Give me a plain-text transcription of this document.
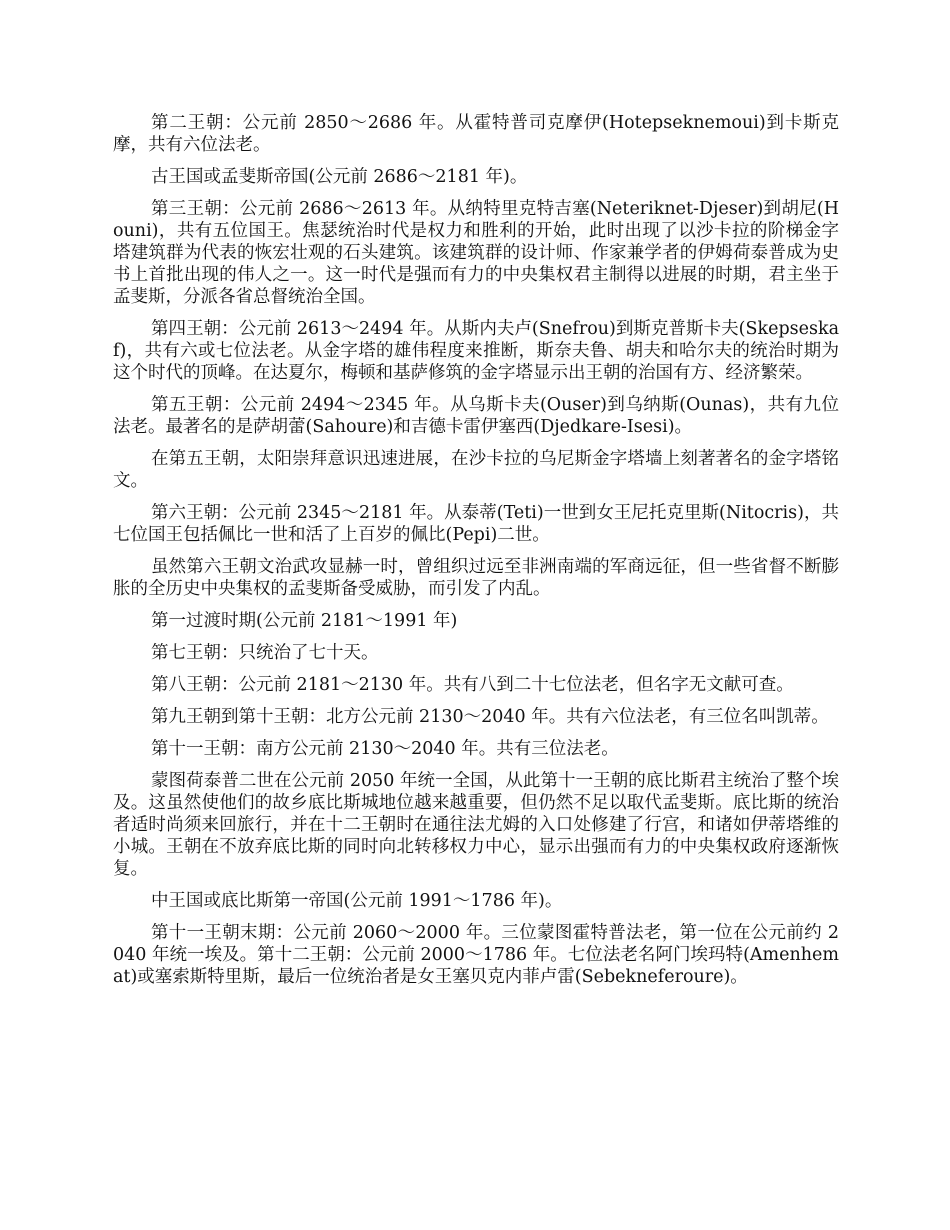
第二王朝：公元前 2850～2686 年。从霍特普司克摩伊(Hotepseknemoui)到卡斯克摩，共有六位法老。

古王国或孟斐斯帝国(公元前 2686～2181 年)。

第三王朝：公元前 2686～2613 年。从纳特里克特吉塞(Neteriknet-Djeser)到胡尼(Houni)，共有五位国王。焦瑟统治时代是权力和胜利的开始，此时出现了以沙卡拉的阶梯金字塔建筑群为代表的恢宏壮观的石头建筑。该建筑群的设计师、作家兼学者的伊姆荷泰普成为史书上首批出现的伟人之一。这一时代是强而有力的中央集权君主制得以进展的时期，君主坐于孟斐斯，分派各省总督统治全国。

第四王朝：公元前 2613～2494 年。从斯内夫卢(Snefrou)到斯克普斯卡夫(Skepseskaf)，共有六或七位法老。从金字塔的雄伟程度来推断，斯奈夫鲁、胡夫和哈尔夫的统治时期为这个时代的顶峰。在达夏尔，梅顿和基萨修筑的金字塔显示出王朝的治国有方、经济繁荣。

第五王朝：公元前 2494～2345 年。从乌斯卡夫(Ouser)到乌纳斯(Ounas)，共有九位法老。最著名的是萨胡蕾(Sahoure)和吉德卡雷伊塞西(Djedkare-Isesi)。

在第五王朝，太阳崇拜意识迅速进展，在沙卡拉的乌尼斯金字塔墙上刻著著名的金字塔铭文。

第六王朝：公元前 2345～2181 年。从泰蒂(Teti)一世到女王尼托克里斯(Nitocris)，共七位国王包括佩比一世和活了上百岁的佩比(Pepi)二世。

虽然第六王朝文治武攻显赫一时，曾组织过远至非洲南端的军商远征，但一些省督不断膨胀的全历史中央集权的孟斐斯备受威胁，而引发了内乱。

第一过渡时期(公元前 2181～1991 年)

第七王朝：只统治了七十天。

第八王朝：公元前 2181～2130 年。共有八到二十七位法老，但名字无文献可查。

第九王朝到第十王朝：北方公元前 2130～2040 年。共有六位法老，有三位名叫凯蒂。

第十一王朝：南方公元前 2130～2040 年。共有三位法老。

蒙图荷泰普二世在公元前 2050 年统一全国，从此第十一王朝的底比斯君主统治了整个埃及。这虽然使他们的故乡底比斯城地位越来越重要，但仍然不足以取代孟斐斯。底比斯的统治者适时尚须来回旅行，并在十二王朝时在通往法尤姆的入口处修建了行宫，和诸如伊蒂塔维的小城。王朝在不放弃底比斯的同时向北转移权力中心，显示出强而有力的中央集权政府逐渐恢复。

中王国或底比斯第一帝国(公元前 1991～1786 年)。

第十一王朝末期：公元前 2060～2000 年。三位蒙图霍特普法老，第一位在公元前约 2040 年统一埃及。第十二王朝：公元前 2000～1786 年。七位法老名阿门埃玛特(Amenhemat)或塞索斯特里斯，最后一位统治者是女王塞贝克内菲卢雷(Sebekneferoure)。
